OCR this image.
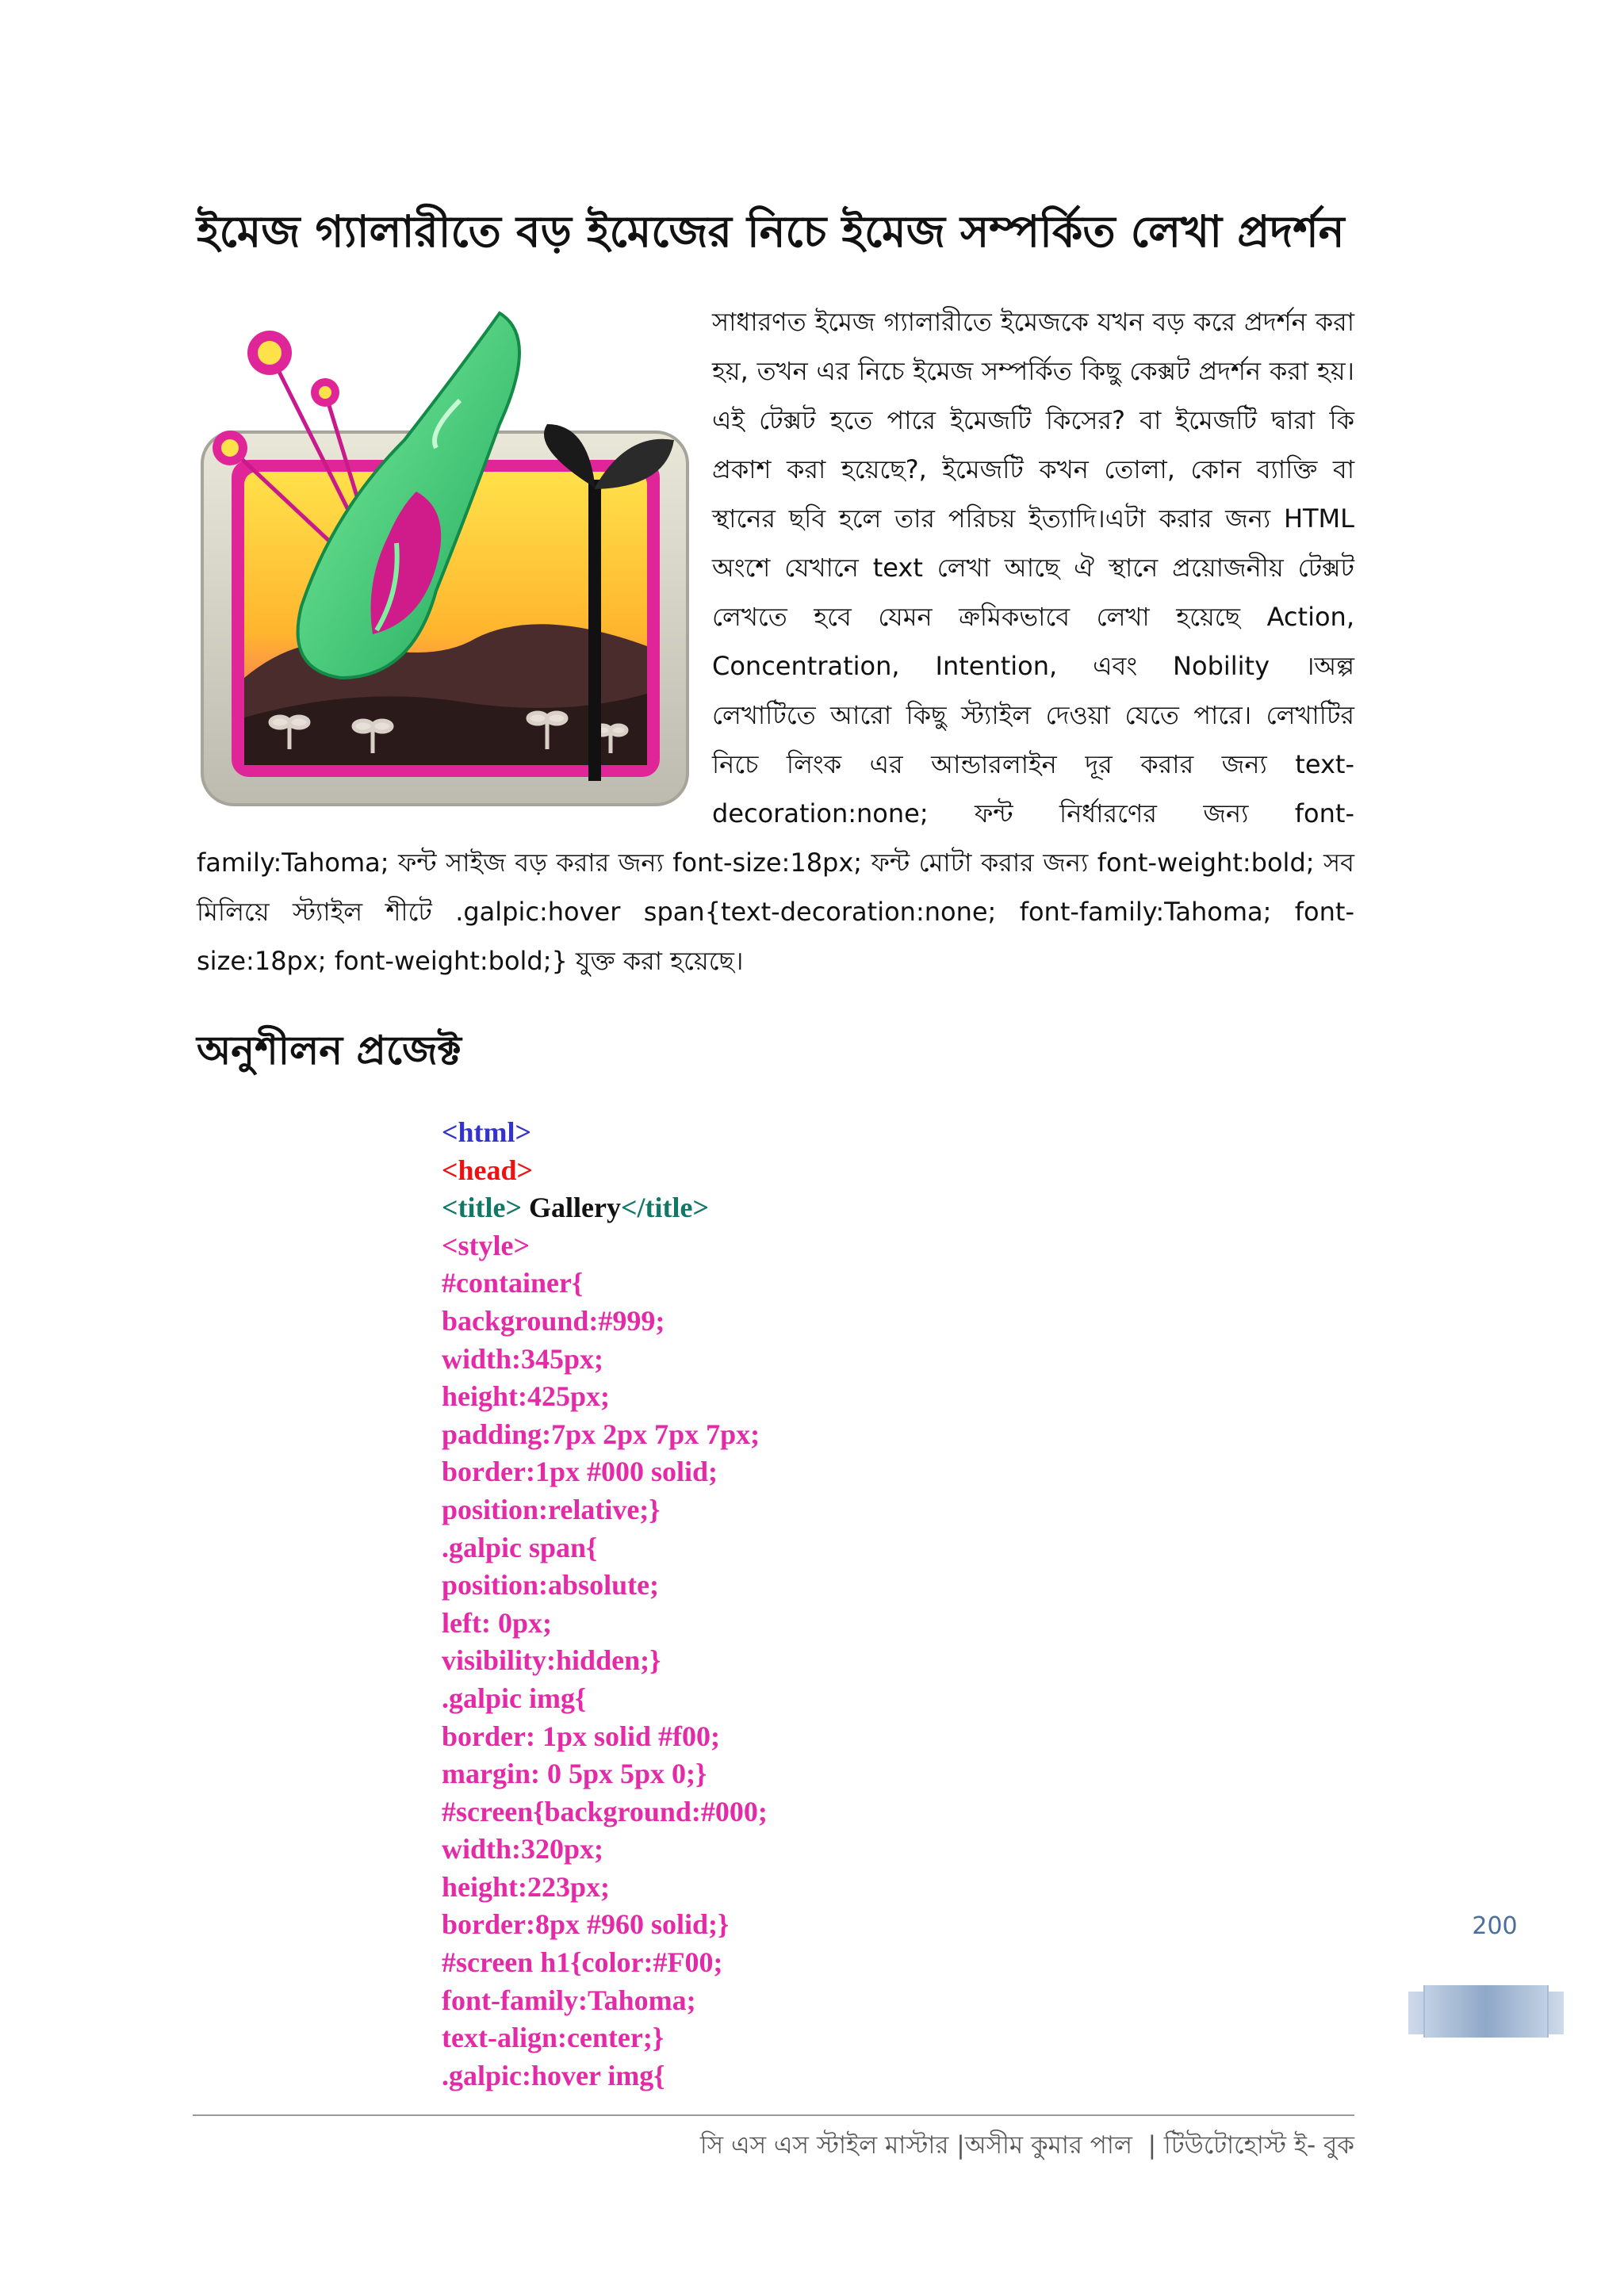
ইমেজ গ্যালারীতে বড় ইমেজের নিচে ইমেজ সম্পর্কিত লেখা প্রদর্শন
সাধারণত ইমেজ গ্যালারীতে ইমেজকে যখন বড় করে প্রদর্শন করা হয়, তখন এর নিচে ইমেজ সম্পর্কিত কিছু কেক্সট প্রদর্শন করা হয়। এই টেক্সট হতে পারে ইমেজটি কিসের? বা ইমেজটি দ্বারা কি প্রকাশ করা হয়েছে?, ইমেজটি কখন তোলা, কোন ব্যাক্তি বা স্থানের ছবি হলে তার পরিচয় ইত্যাদি।এটা করার জন্য HTML অংশে যেখানে text লেখা আছে ঐ স্থানে প্রয়োজনীয় টেক্সট লেখতে হবে যেমন ক্রমিকভাবে লেখা হয়েছে Action, Concentration, Intention, এবং Nobility ।অল্প লেখাটিতে আরো কিছু স্ট্যাইল দেওয়া যেতে পারে। লেখাটির নিচে লিংক এর আন্ডারলাইন দূর করার জন্য text-decoration:none; ফন্ট নির্ধারণের জন্য font-family:Tahoma; ফন্ট সাইজ বড় করার জন্য font-size:18px; ফন্ট মোটা করার জন্য font-weight:bold; সব মিলিয়ে স্ট্যাইল শীটে .galpic:hover span{text-decoration:none; font-family:Tahoma; font-size:18px; font-weight:bold;} যুক্ত করা হয়েছে।
অনুশীলন প্রজেক্ট
<html>
<head>
<title> Gallery</title>
<style>
#container{
background:#999;
width:345px;
height:425px;
padding:7px 2px 7px 7px;
border:1px #000 solid;
position:relative;}
.galpic span{
position:absolute;
left: 0px;
visibility:hidden;}
.galpic img{
border: 1px solid #f00;
margin: 0 5px 5px 0;}
#screen{background:#000;
width:320px;
height:223px;
border:8px #960 solid;}
#screen h1{color:#F00;
font-family:Tahoma;
text-align:center;}
.galpic:hover img{
200
সি এস এস স্টাইল মাস্টার |অসীম কুমার পাল  | টিউটোহোস্ট ই- বুক
